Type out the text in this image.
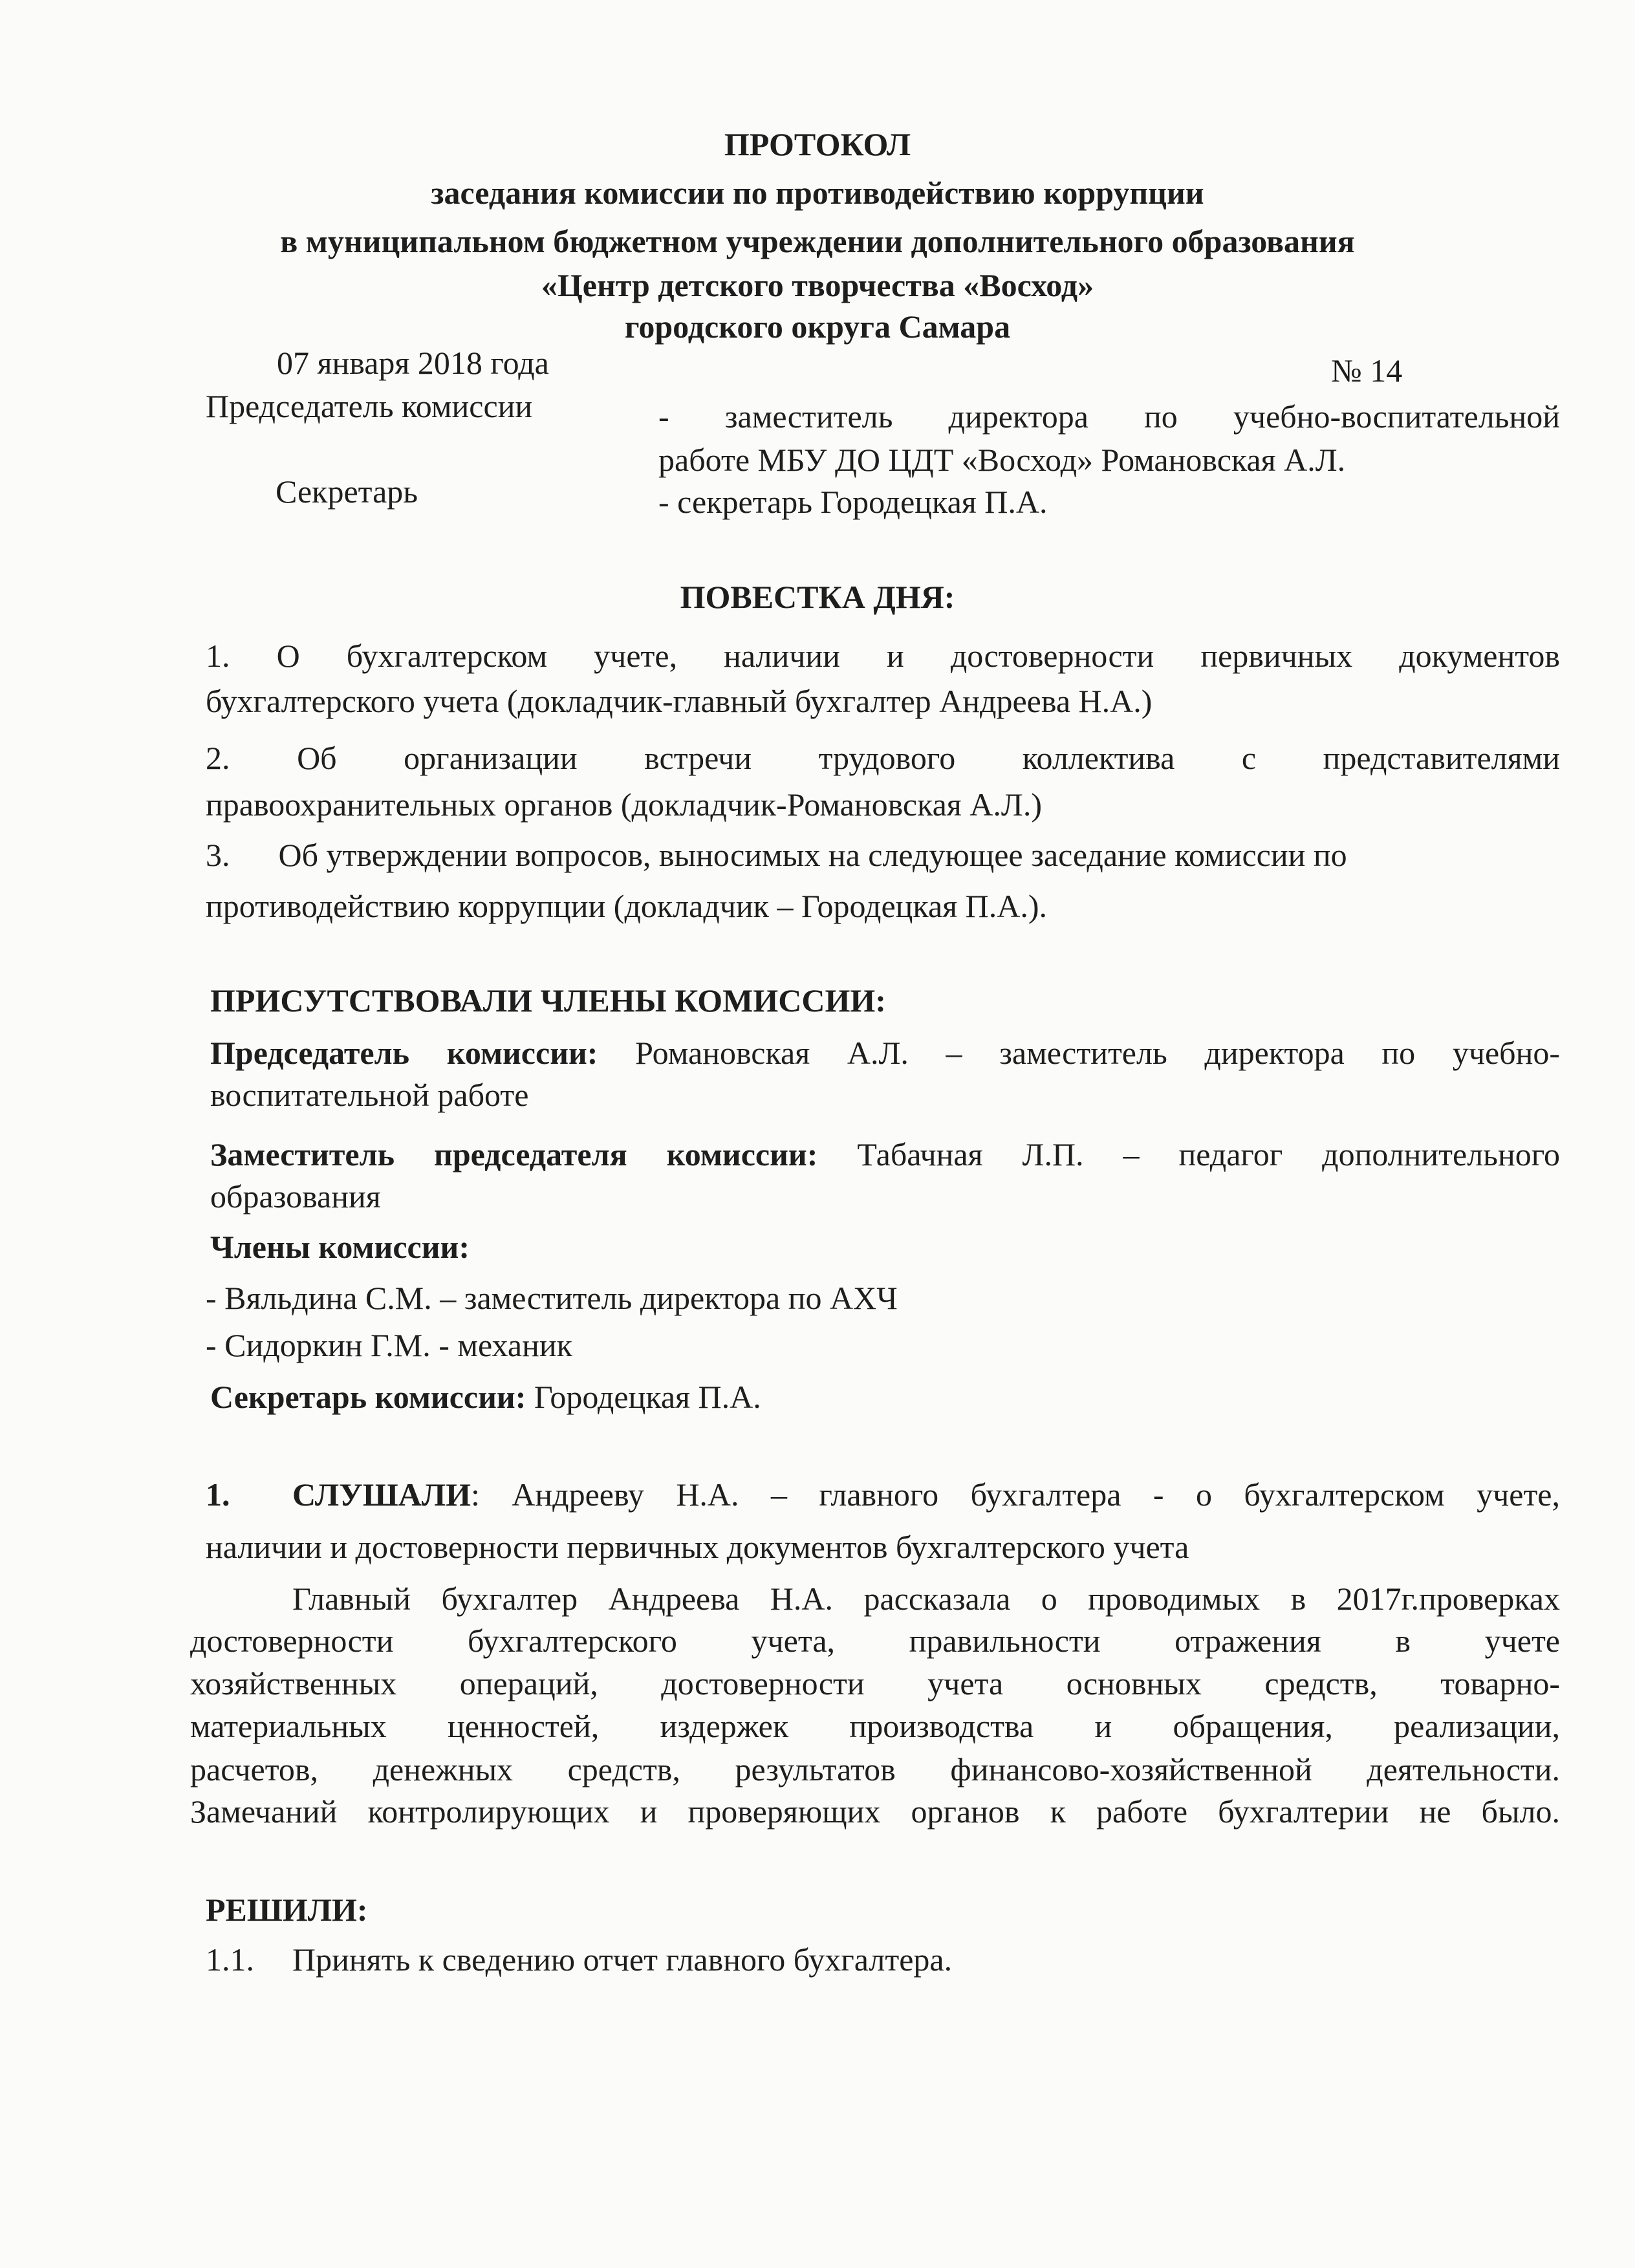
ПРОТОКОЛ
заседания комиссии по противодействию коррупции
в муниципальном бюджетном учреждении дополнительного образования
«Центр детского творчества «Восход»
городского округа Самара
07 января 2018 года	№ 14
Председатель комиссии	- заместитель директора по учебно-воспитательной
работе МБУ ДО ЦДТ «Восход» Романовская А.Л.
Секретарь	- секретарь Городецкая П.А.
ПОВЕСТКА ДНЯ:
1. О бухгалтерском учете, наличии и достоверности первичных документов
бухгалтерского учета (докладчик-главный бухгалтер Андреева Н.А.)
2. Об организации встречи трудового коллектива с представителями
правоохранительных органов (докладчик-Романовская А.Л.)
3.      Об утверждении вопросов, выносимых на следующее заседание комиссии по
противодействию коррупции (докладчик – Городецкая П.А.).
ПРИСУТСТВОВАЛИ ЧЛЕНЫ КОМИССИИ:
Председатель комиссии: Романовская А.Л. – заместитель директора по учебно-
воспитательной работе
Заместитель председателя комиссии: Табачная Л.П. – педагог дополнительного
образования
Члены комиссии:
- Вяльдина С.М. – заместитель директора по АХЧ
- Сидоркин Г.М. - механик
Секретарь комиссии: Городецкая П.А.
1. СЛУШАЛИ: Андрееву Н.А. – главного бухгалтера - о бухгалтерском учете,
наличии и достоверности первичных документов бухгалтерского учета
Главный бухгалтер Андреева Н.А. рассказала о проводимых в 2017г.проверках
достоверности бухгалтерского учета, правильности отражения в учете
хозяйственных операций, достоверности учета основных средств, товарно-
материальных ценностей, издержек производства и обращения, реализации,
расчетов, денежных средств, результатов финансово-хозяйственной деятельности.
Замечаний контролирующих и проверяющих органов к работе бухгалтерии не было.
РЕШИЛИ:
1.1. Принять к сведению отчет главного бухгалтера.
